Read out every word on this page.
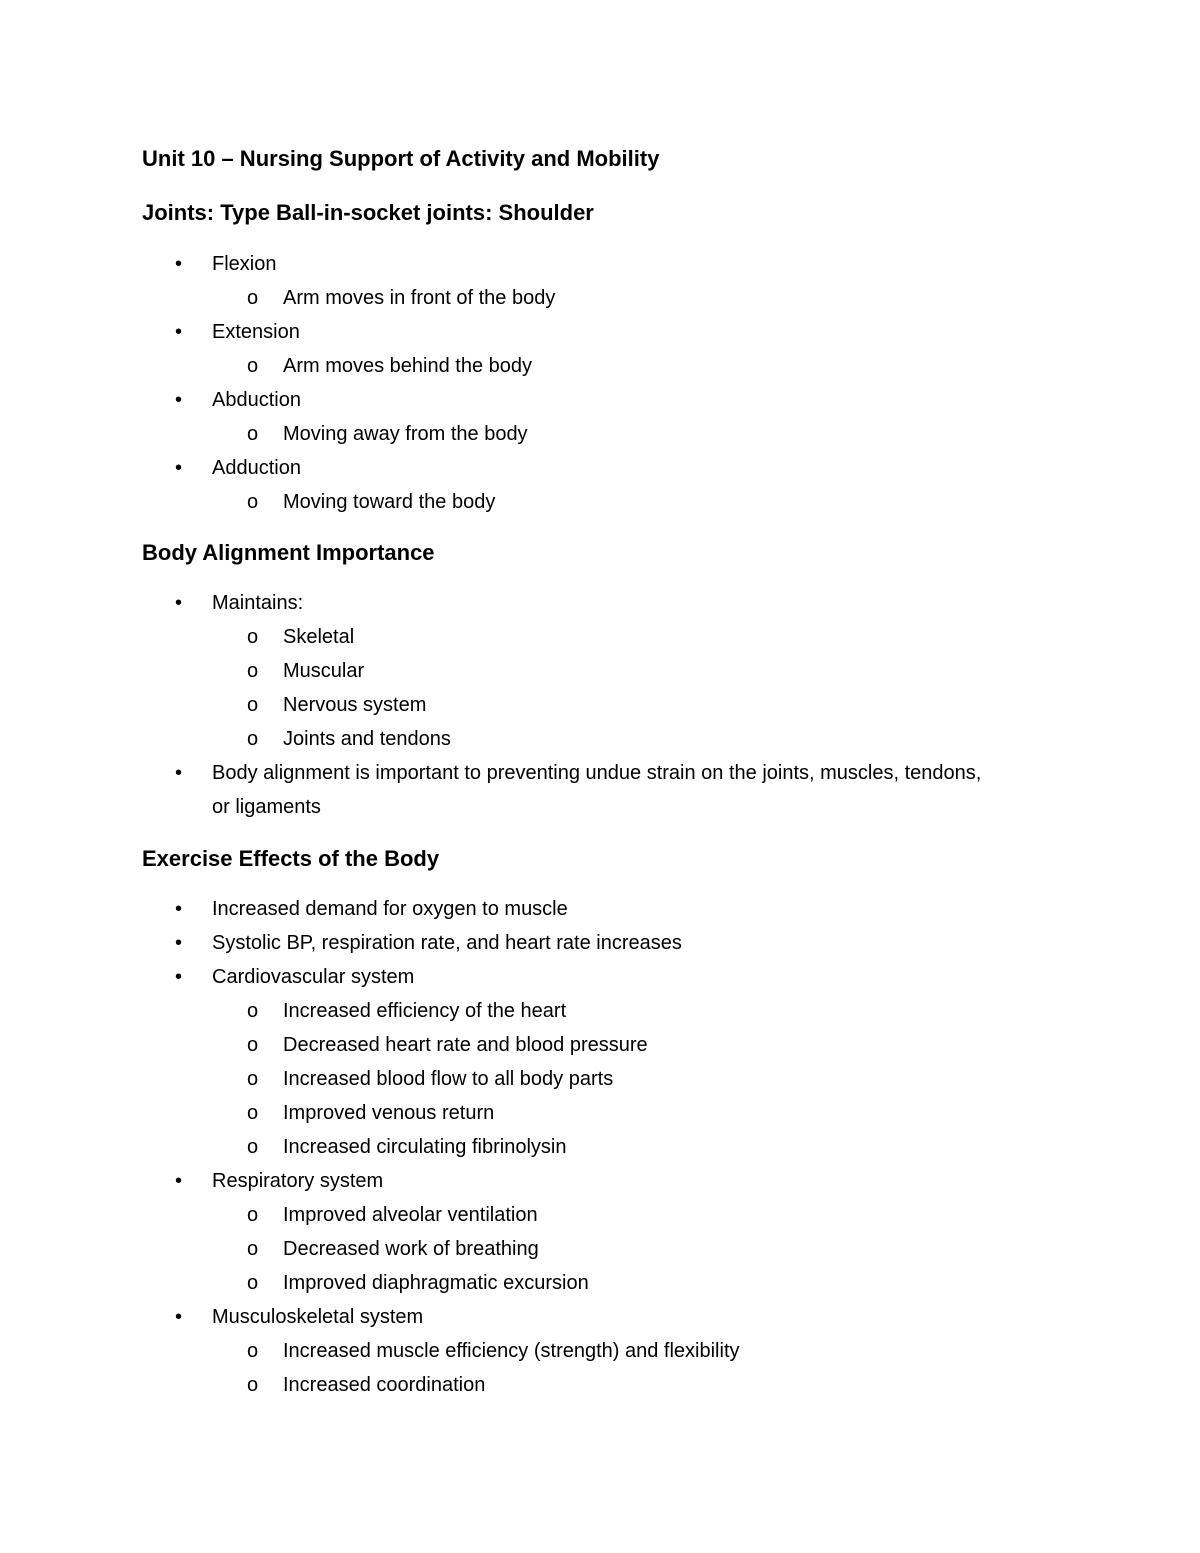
Unit 10 – Nursing Support of Activity and Mobility
Joints: Type Ball-in-socket joints: Shoulder
• Flexion
o Arm moves in front of the body
• Extension
o Arm moves behind the body
• Abduction
o Moving away from the body
• Adduction
o Moving toward the body
Body Alignment Importance
• Maintains:
o Skeletal
o Muscular
o Nervous system
o Joints and tendons
• Body alignment is important to preventing undue strain on the joints, muscles, tendons,
or ligaments
Exercise Effects of the Body
• Increased demand for oxygen to muscle
• Systolic BP, respiration rate, and heart rate increases
• Cardiovascular system
o Increased efficiency of the heart
o Decreased heart rate and blood pressure
o Increased blood flow to all body parts
o Improved venous return
o Increased circulating fibrinolysin
• Respiratory system
o Improved alveolar ventilation
o Decreased work of breathing
o Improved diaphragmatic excursion
• Musculoskeletal system
o Increased muscle efficiency (strength) and flexibility
o Increased coordination
